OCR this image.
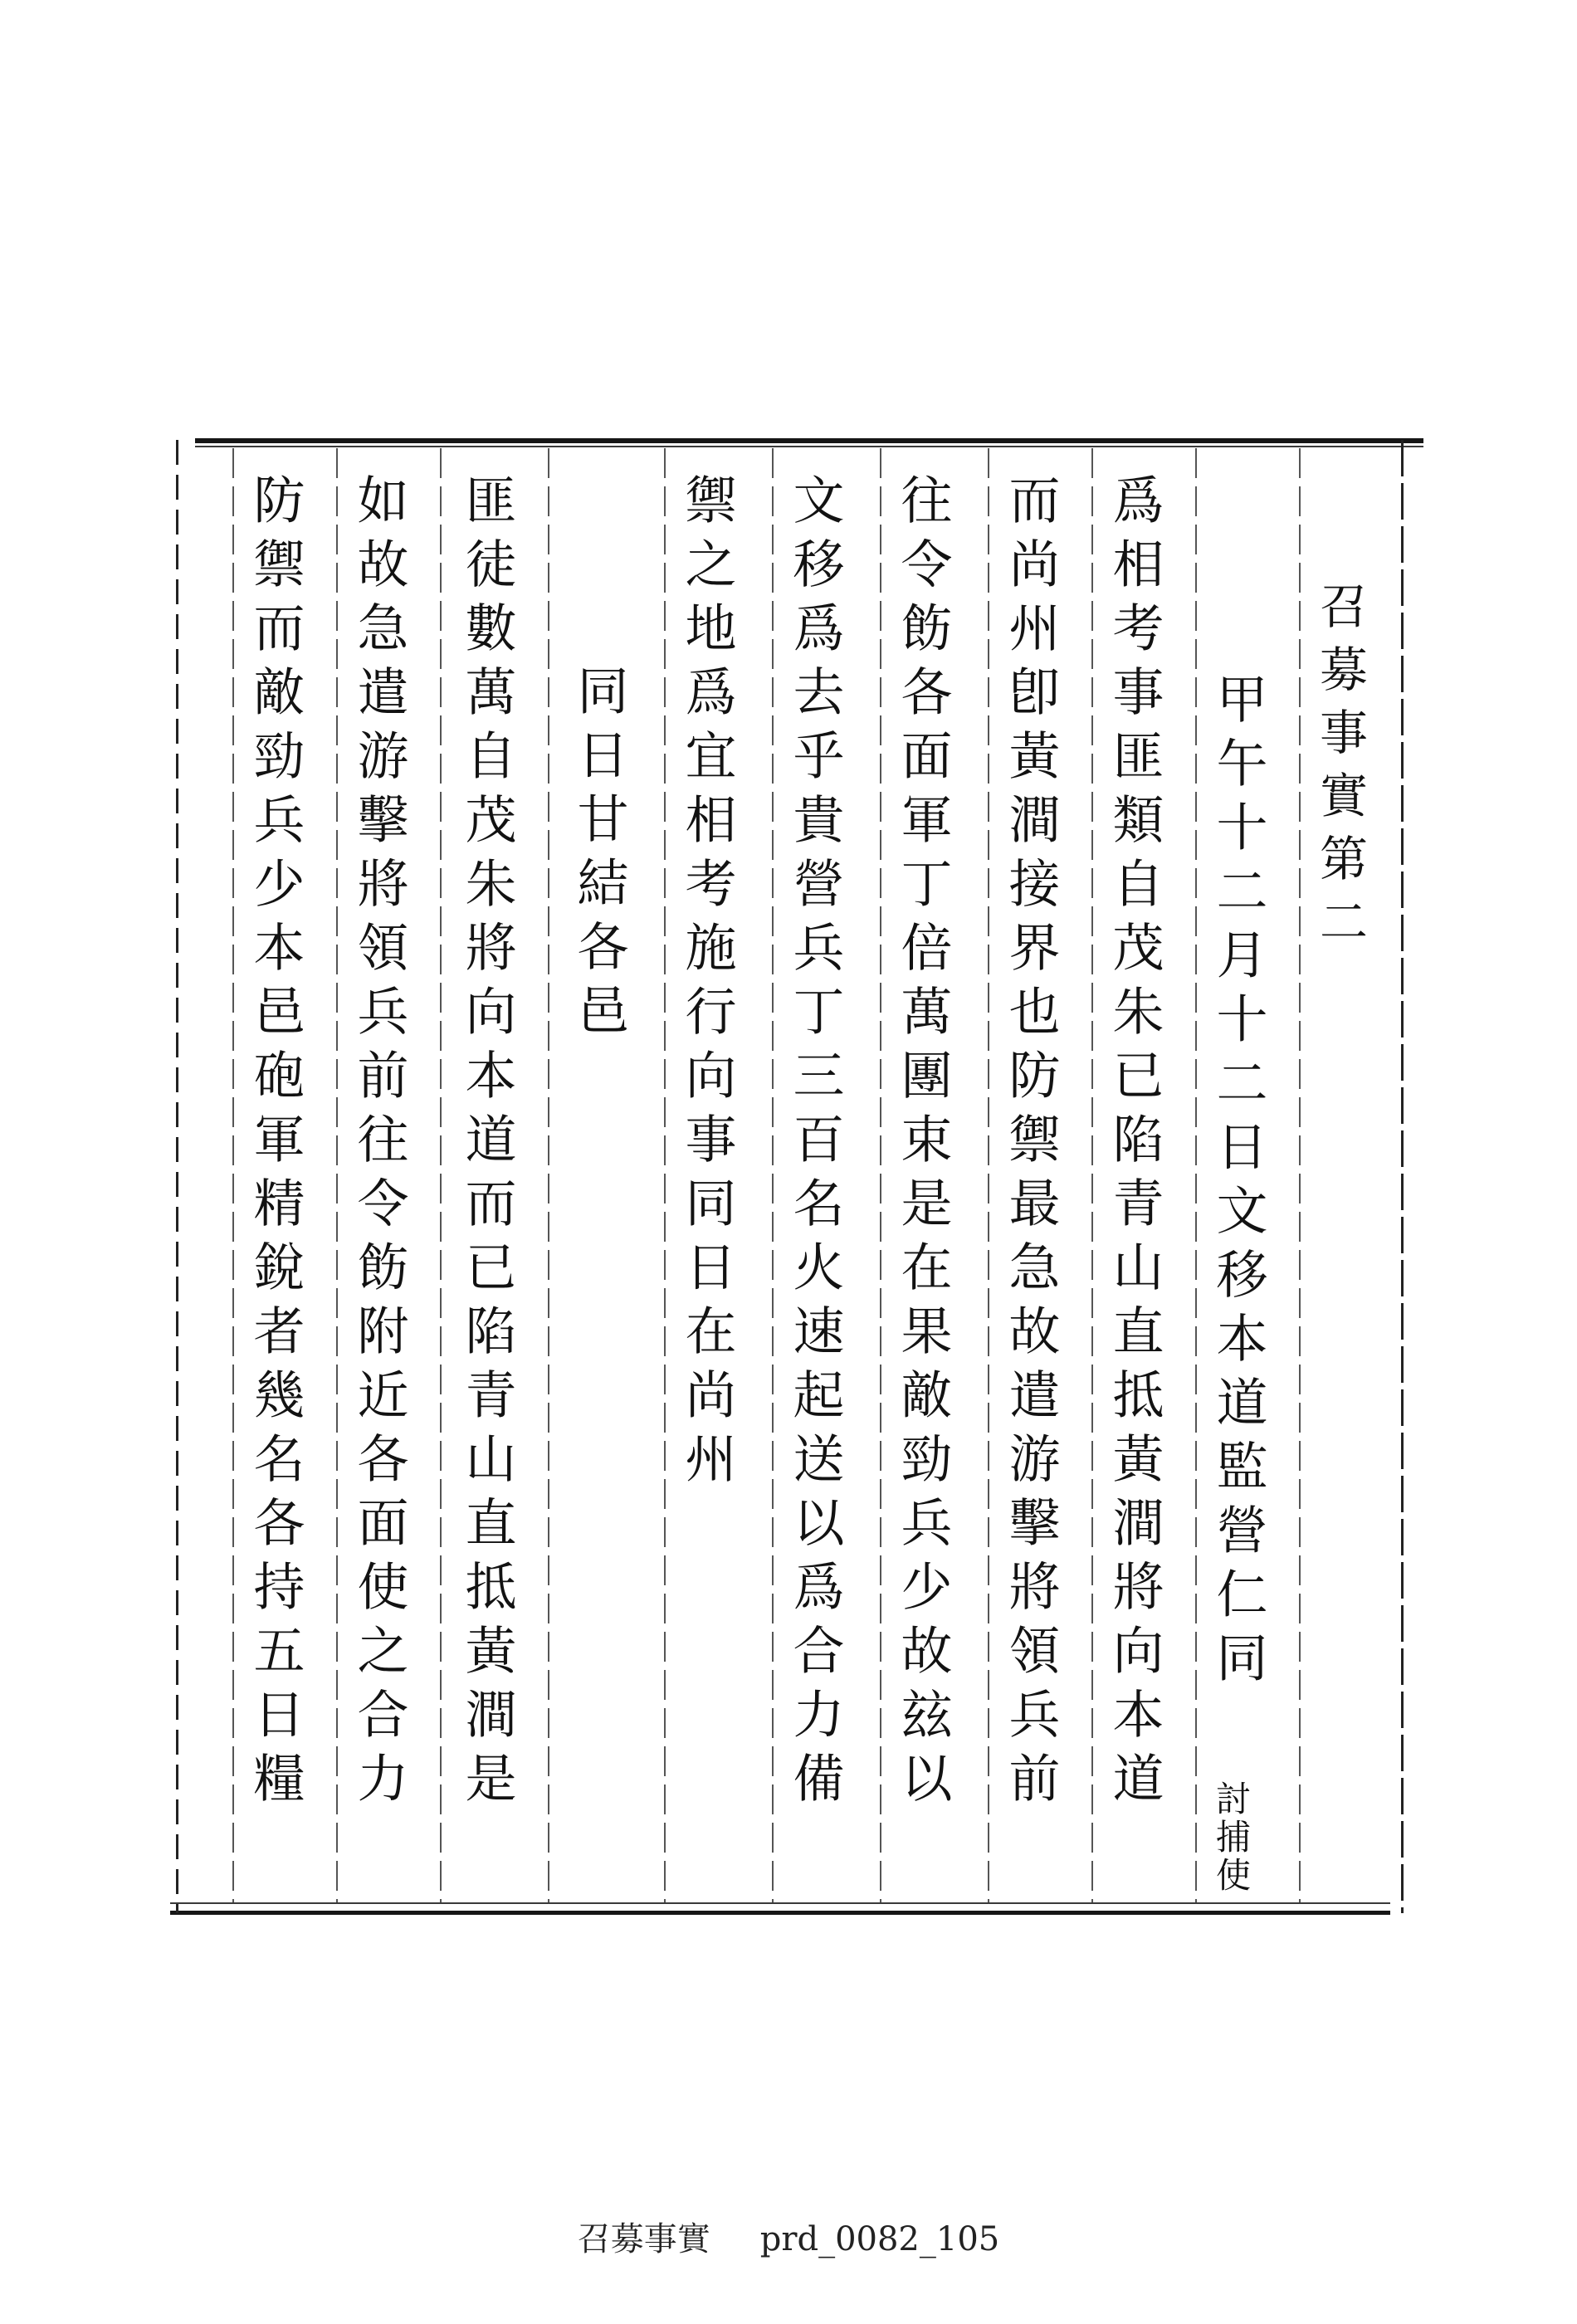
召募事實第二
甲午十二月十二日文移本道監營仁同
討捕使
爲相考事匪類自茂朱已陷青山直抵黃澗將向本道
而尚州卽黃澗接界也防禦最急故遣游擊將領兵前
往令飭各面軍丁倍萬團束是在果敵勁兵少故玆以
文移爲去乎貴營兵丁三百名火速起送以爲合力備
禦之地爲宜相考施行向事同日在尚州
同日甘結各邑
匪徒數萬自茂朱將向本道而已陷青山直抵黃澗是
如故急遣游擊將領兵前往令飭附近各面使之合力
防禦而敵勁兵少本邑砲軍精銳者幾名各持五日糧
召募事實 prd_0082_105
